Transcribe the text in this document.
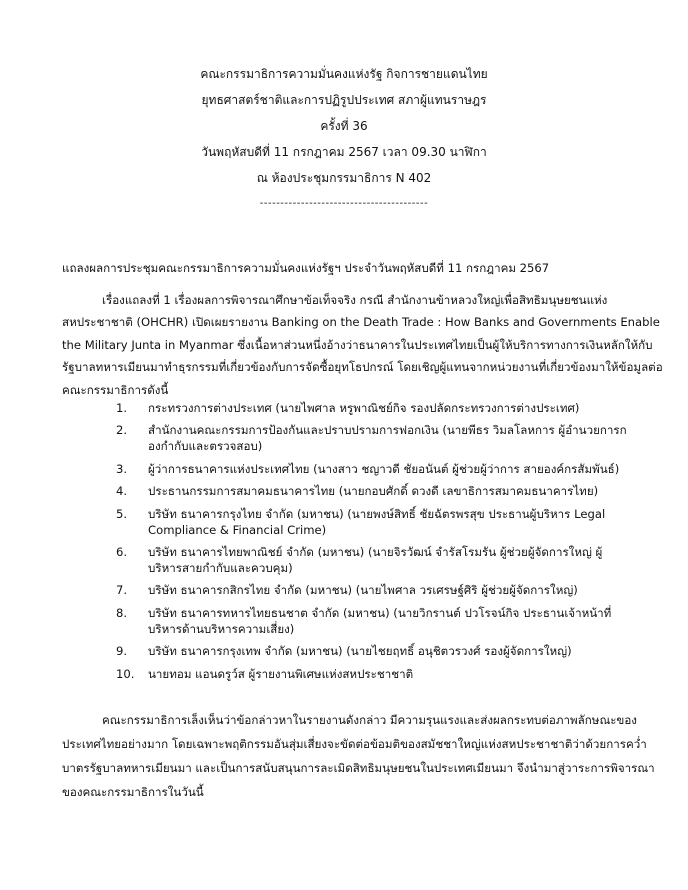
คณะกรรมาธิการความมั่นคงแห่งรัฐ กิจการชายแดนไทย
ยุทธศาสตร์ชาติและการปฏิรูปประเทศ สภาผู้แทนราษฎร
ครั้งที่ 36
วันพฤหัสบดีที่ 11 กรกฎาคม 2567 เวลา 09.30 นาฬิกา
ณ ห้องประชุมกรรมาธิการ N 402
-----------------------------------------
แถลงผลการประชุมคณะกรรมาธิการความมั่นคงแห่งรัฐฯ ประจำวันพฤหัสบดีที่ 11 กรกฎาคม 2567
เรื่องแถลงที่ 1 เรื่องผลการพิจารณาศึกษาข้อเท็จจริง กรณี สำนักงานข้าหลวงใหญ่เพื่อสิทธิมนุษยชนแห่ง
สหประชาชาติ (OHCHR) เปิดเผยรายงาน Banking on the Death Trade : How Banks and Governments Enable
the Military Junta in Myanmar ซึ่งเนื้อหาส่วนหนึ่งอ้างว่าธนาคารในประเทศไทยเป็นผู้ให้บริการทางการเงินหลักให้กับ
รัฐบาลทหารเมียนมาทำธุรกรรมที่เกี่ยวข้องกับการจัดซื้อยุทโธปกรณ์ โดยเชิญผู้แทนจากหน่วยงานที่เกี่ยวข้องมาให้ข้อมูลต่อ
คณะกรรมาธิการดังนี้
1.	กระทรวงการต่างประเทศ (นายไพศาล หรูพาณิชย์กิจ รองปลัดกระทรวงการต่างประเทศ)
2.	สำนักงานคณะกรรมการป้องกันและปราบปรามการฟอกเงิน (นายพีธร วิมลโลหการ ผู้อำนวยการกองกำกับและตรวจสอบ)
3.	ผู้ว่าการธนาคารแห่งประเทศไทย (นางสาว ชญาวดี ชัยอนันต์ ผู้ช่วยผู้ว่าการ สายองค์กรสัมพันธ์)
4.	ประธานกรรมการสมาคมธนาคารไทย (นายกอบศักดิ์ ดวงดี เลขาธิการสมาคมธนาคารไทย)
5.	บริษัท ธนาคารกรุงไทย จำกัด (มหาชน) (นายพงษ์สิทธิ์ ชัยฉัตรพรสุข ประธานผู้บริหาร Legal Compliance & Financial Crime)
6.	บริษัท ธนาคารไทยพาณิชย์ จำกัด (มหาชน) (นายจิรวัฒน์ จำรัสโรมรัน ผู้ช่วยผู้จัดการใหญ่ ผู้บริหารสายกำกับและควบคุม)
7.	บริษัท ธนาคารกสิกรไทย จำกัด (มหาชน) (นายไพศาล วรเศรษฐ์ศิริ ผู้ช่วยผู้จัดการใหญ่)
8.	บริษัท ธนาคารทหารไทยธนชาต จำกัด (มหาชน) (นายวิกรานต์ ปวโรจน์กิจ ประธานเจ้าหน้าที่บริหารด้านบริหารความเสี่ยง)
9.	บริษัท ธนาคารกรุงเทพ จำกัด (มหาชน) (นายไชยฤทธิ์ อนุชิตวรวงศ์ รองผู้จัดการใหญ่)
10.	นายทอม แอนดรูว์ส ผู้รายงานพิเศษแห่งสหประชาชาติ
คณะกรรมาธิการเล็งเห็นว่าข้อกล่าวหาในรายงานดังกล่าว มีความรุนแรงและส่งผลกระทบต่อภาพลักษณะของ
ประเทศไทยอย่างมาก โดยเฉพาะพฤติกรรมอันสุ่มเสี่ยงจะขัดต่อข้อมติของสมัชชาใหญ่แห่งสหประชาชาติว่าด้วยการคว่ำ
บาตรรัฐบาลทหารเมียนมา และเป็นการสนับสนุนการละเมิดสิทธิมนุษยชนในประเทศเมียนมา จึงนำมาสู่วาระการพิจารณา
ของคณะกรรมาธิการในวันนี้
